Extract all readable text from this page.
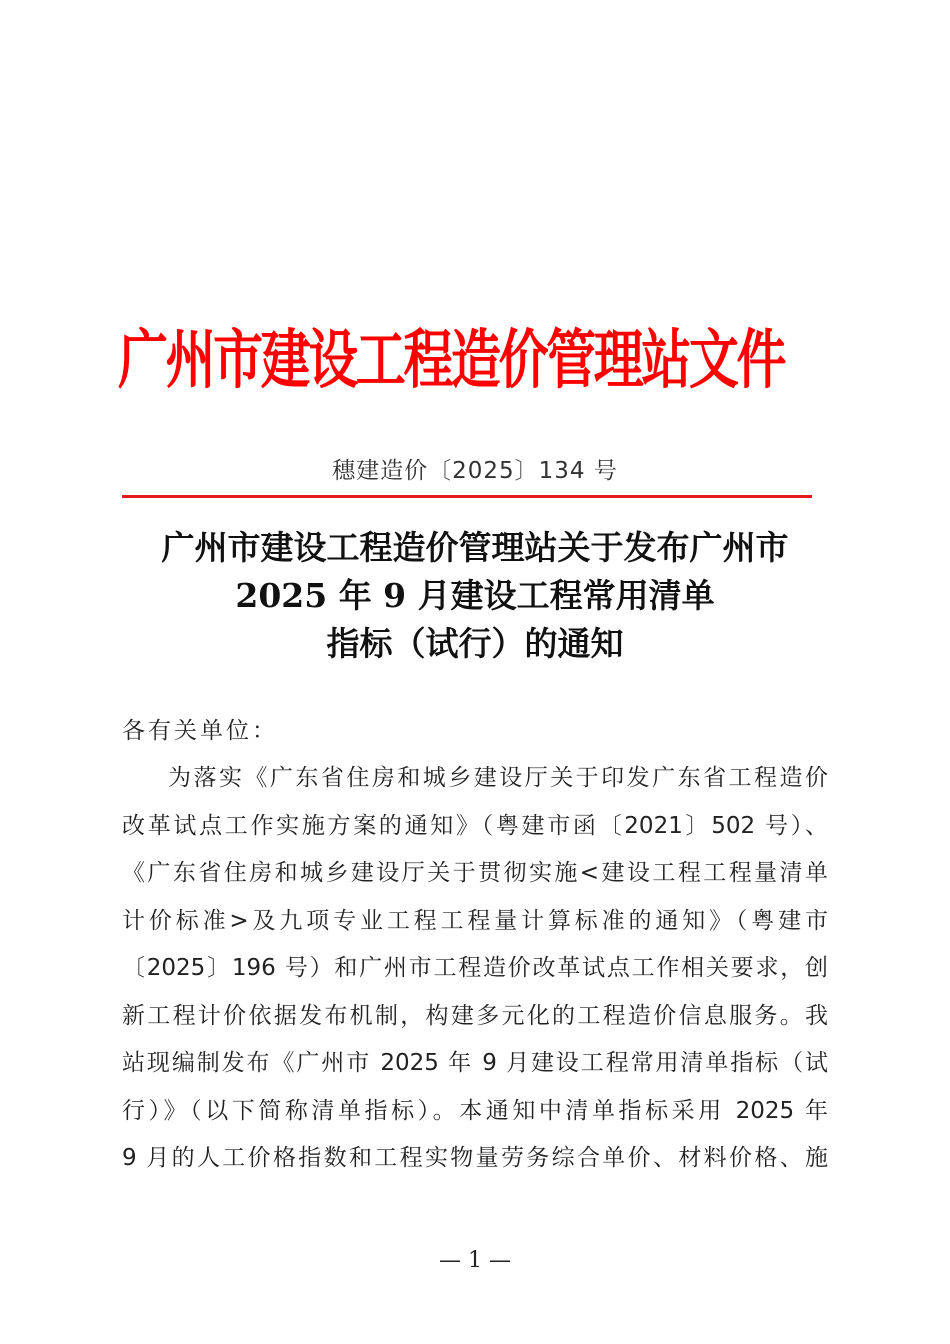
广州市建设工程造价管理站文件
穗建造价〔2025〕134 号
广州市建设工程造价管理站关于发布广州市
2025 年 9 月建设工程常用清单
指标（试行）的通知
各有关单位：
为落实《广东省住房和城乡建设厅关于印发广东省工程造价
改革试点工作实施方案的通知》（粤建市函〔2021〕502 号）、
《广东省住房和城乡建设厅关于贯彻实施<建设工程工程量清单
计价标准>及九项专业工程工程量计算标准的通知》（粤建市
〔2025〕196 号）和广州市工程造价改革试点工作相关要求，创
新工程计价依据发布机制，构建多元化的工程造价信息服务。我
站现编制发布《广州市 2025 年 9 月建设工程常用清单指标（试
行）》（以下简称清单指标）。本通知中清单指标采用 2025 年
9 月的人工价格指数和工程实物量劳务综合单价、材料价格、施
— 1 —
